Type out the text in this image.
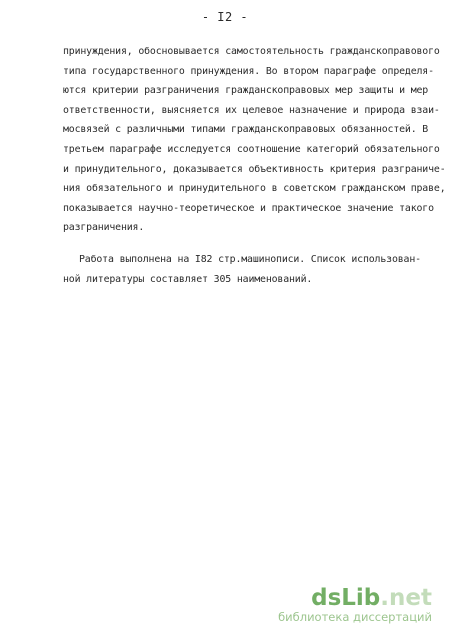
- I2 -
принуждения, обосновывается самостоятельность гражданскоправового
типа государственного принуждения. Во втором параграфе определя-
ются критерии разграничения гражданскоправовых мер защиты и мер
ответственности, выясняется их целевое назначение и природа взаи-
мосвязей с различными типами гражданскоправовых обязанностей. В
третьем параграфе исследуется соотношение категорий обязательного
и принудительного, доказывается объективность критерия разграниче-
ния обязательного и принудительного в советском гражданском праве,
показывается научно-теоретическое и практическое значение такого
разграничения.
Работа выполнена на I82 стр.машинописи. Список использован-
ной литературы составляет 305 наименований.
dsLib.net
библиотека диссертаций
